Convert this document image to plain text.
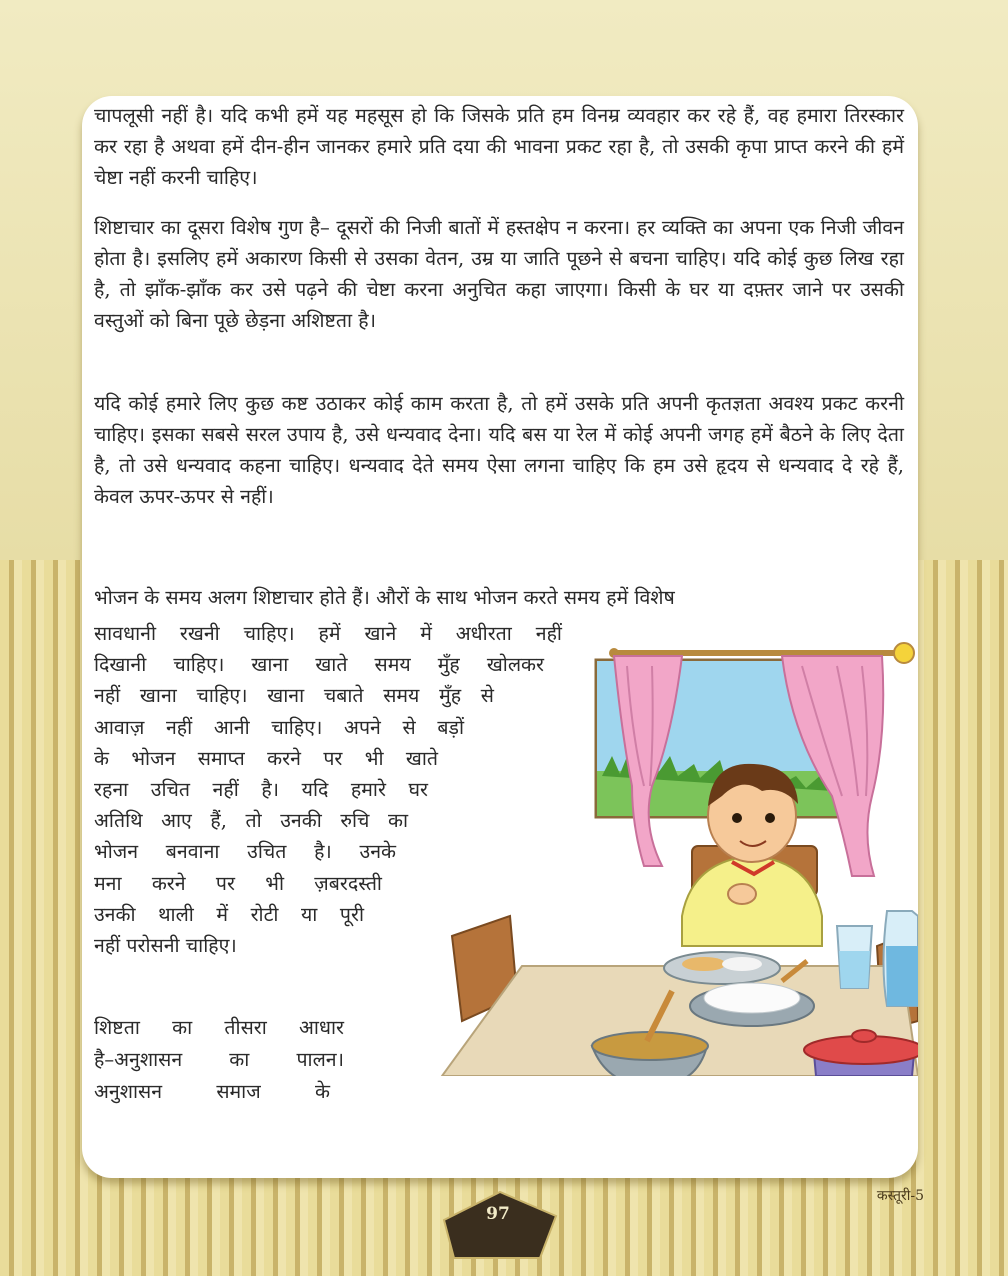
चापलूसी नहीं है। यदि कभी हमें यह महसूस हो कि जिसके प्रति हम विनम्र व्यवहार कर रहे हैं, वह हमारा तिरस्कार कर रहा है अथवा हमें दीन-हीन जानकर हमारे प्रति दया की भावना प्रकट रहा है, तो उसकी कृपा प्राप्त करने की हमें चेष्टा नहीं करनी चाहिए।

शिष्टाचार का दूसरा विशेष गुण है– दूसरों की निजी बातों में हस्तक्षेप न करना। हर व्यक्ति का अपना एक निजी जीवन होता है। इसलिए हमें अकारण किसी से उसका वेतन, उम्र या जाति पूछने से बचना चाहिए। यदि कोई कुछ लिख रहा है, तो झाँक-झाँक कर उसे पढ़ने की चेष्टा करना अनुचित कहा जाएगा। किसी के घर या दफ़्तर जाने पर उसकी वस्तुओं को बिना पूछे छेड़ना अशिष्टता है।

यदि कोई हमारे लिए कुछ कष्ट उठाकर कोई काम करता है, तो हमें उसके प्रति अपनी कृतज्ञता अवश्य प्रकट करनी चाहिए। इसका सबसे सरल उपाय है, उसे धन्यवाद देना। यदि बस या रेल में कोई अपनी जगह हमें बैठने के लिए देता है, तो उसे धन्यवाद कहना चाहिए। धन्यवाद देते समय ऐसा लगना चाहिए कि हम उसे हृदय से धन्यवाद दे रहे हैं, केवल ऊपर-ऊपर से नहीं।

भोजन के समय अलग शिष्टाचार होते हैं। औरों के साथ भोजन करते समय हमें विशेष

सावधानी रखनी चाहिए। हमें खाने में अधीरता नहीं
दिखानी चाहिए। खाना खाते समय मुँह खोलकर
नहीं खाना चाहिए। खाना चबाते समय मुँह से
आवाज़ नहीं आनी चाहिए। अपने से बड़ों
के भोजन समाप्त करने पर भी खाते
रहना उचित नहीं है। यदि हमारे घर
अतिथि आए हैं, तो उनकी रुचि का
भोजन बनवाना उचित है। उनके
मना करने पर भी ज़बरदस्ती
उनकी थाली में रोटी या पूरी
नहीं परोसनी चाहिए।
शिष्टता का तीसरा आधार
है–अनुशासन का पालन।
अनुशासन समाज के
कस्तूरी-5
97
